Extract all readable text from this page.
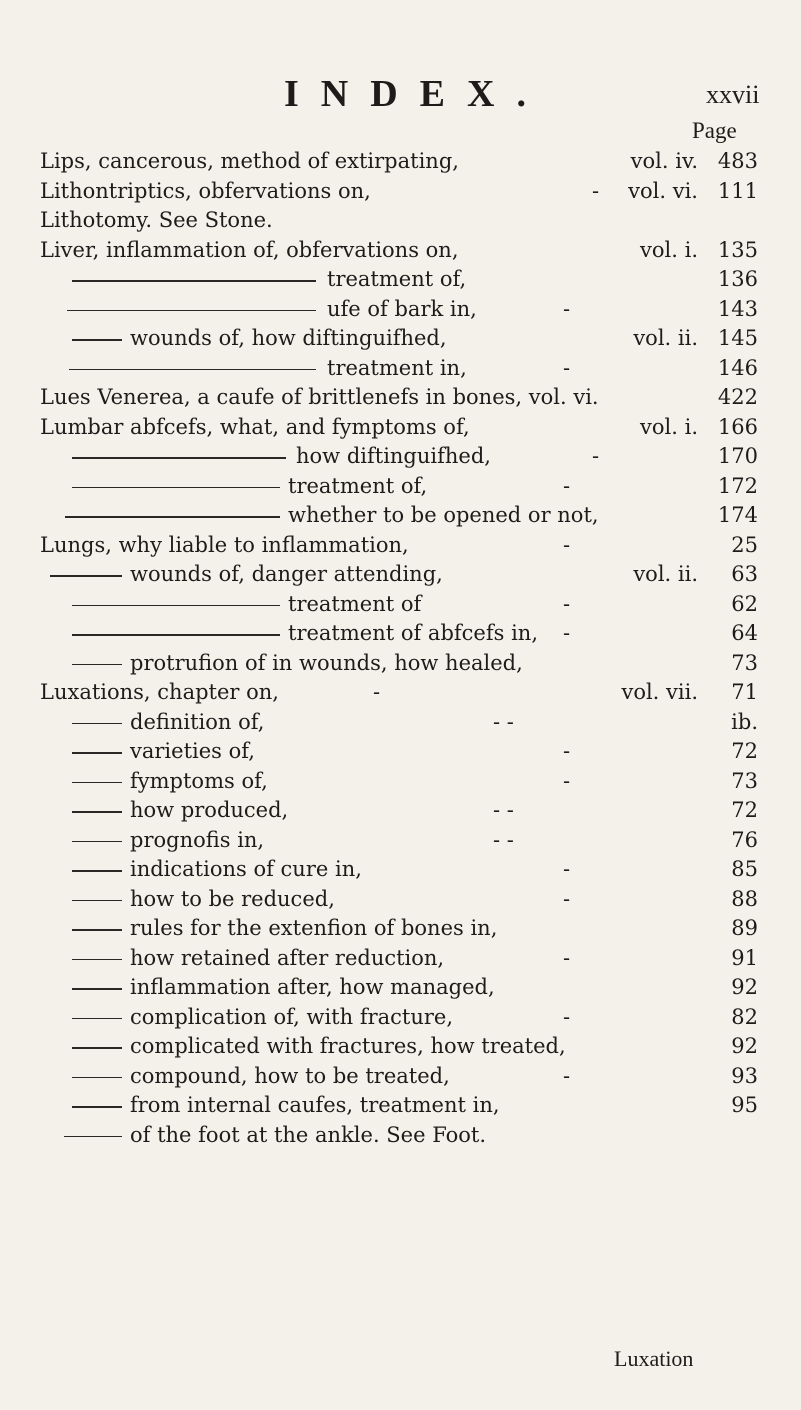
INDEX.	xxvii
Page
Lips, cancerous, method of extirpating,	vol. iv. 483
Lithontriptics, obfervations on,	- vol. vi. 111
Lithotomy. See Stone.
Liver, inflammation of, obfervations on,	vol. i. 135
treatment of,	136
ufe of bark in,	-	143
wounds of, how diftinguifhed,	vol. ii. 145
treatment in,	-	146
Lues Venerea, a caufe of brittlenefs in bones, vol. vi.	422
Lumbar abfcefs, what, and fymptoms of,	vol. i. 166
how diftinguifhed,	-	170
treatment of,	-	172
whether to be opened or not,	174
Lungs, why liable to inflammation,	-	25
wounds of, danger attending,	vol. ii. 63
treatment of	-	62
treatment of abfcefs in, -	64
protrufion of in wounds, how healed,	73
Luxations, chapter on,	-	vol. vii. 71
definition of,	- -	ib.
varieties of,	-	72
fymptoms of,	-	73
how produced,	- -	72
prognofis in,	- -	76
indications of cure in,	-	85
how to be reduced,	-	88
rules for the extenfion of bones in,	89
how retained after reduction,	-	91
inflammation after, how managed,	92
complication of, with fracture,	-	82
complicated with fractures, how treated,	92
compound, how to be treated,	-	93
from internal caufes, treatment in,	95
of the foot at the ankle. See Foot.
Luxation
